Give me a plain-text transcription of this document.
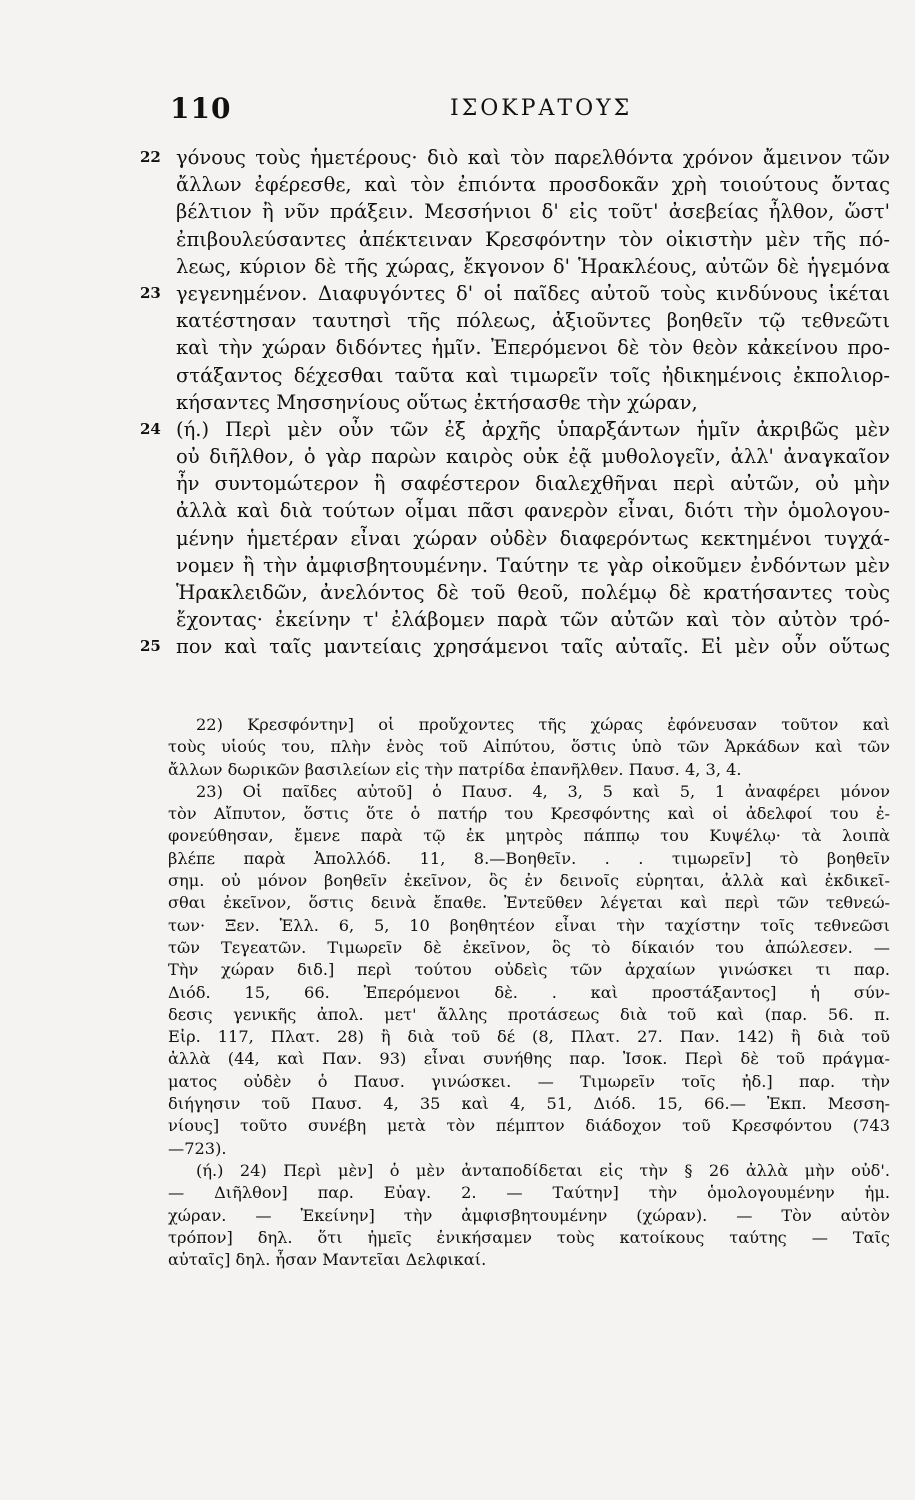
110	ΙΣΟΚΡΑΤΟΥΣ
22 γόνους τοὺς ἡμετέρους· διὸ καὶ τὸν παρελθόντα χρόνον ἄμεινον τῶν
ἄλλων ἐφέρεσθε, καὶ τὸν ἐπιόντα προσδοκᾶν χρὴ τοιούτους ὄντας
βέλτιον ἢ νῦν πράξειν. Μεσσήνιοι δ' εἰς τοῦτ' ἀσεβείας ἦλθον, ὥστ'
ἐπιβουλεύσαντες ἀπέκτειναν Κρεσφόντην τὸν οἰκιστὴν μὲν τῆς πό-
λεως, κύριον δὲ τῆς χώρας, ἔκγονον δ' Ἡρακλέους, αὐτῶν δὲ ἡγεμόνα
23 γεγενημένον. Διαφυγόντες δ' οἱ παῖδες αὐτοῦ τοὺς κινδύνους ἱκέται
κατέστησαν ταυτησὶ τῆς πόλεως, ἀξιοῦντες βοηθεῖν τῷ τεθνεῶτι
καὶ τὴν χώραν διδόντες ἡμῖν. Ἐπερόμενοι δὲ τὸν θεὸν κἀκείνου προ-
στάξαντος δέχεσθαι ταῦτα καὶ τιμωρεῖν τοῖς ἠδικημένοις ἐκπολιορ-
κήσαντες Μησσηνίους οὕτως ἐκτήσασθε τὴν χώραν,
24 (ή.) Περὶ μὲν οὖν τῶν ἐξ ἀρχῆς ὑπαρξάντων ἡμῖν ἀκριβῶς μὲν
οὐ διῆλθον, ὁ γὰρ παρὼν καιρὸς οὐκ ἐᾷ μυθολογεῖν, ἀλλ' ἀναγκαῖον
ἦν συντομώτερον ἢ σαφέστερον διαλεχθῆναι περὶ αὐτῶν, οὐ μὴν
ἀλλὰ καὶ διὰ τούτων οἶμαι πᾶσι φανερὸν εἶναι, διότι τὴν ὁμολογου-
μένην ἡμετέραν εἶναι χώραν οὐδὲν διαφερόντως κεκτημένοι τυγχά-
νομεν ἢ τὴν ἀμφισβητουμένην. Ταύτην τε γὰρ οἰκοῦμεν ἐνδόντων μὲν
Ἡρακλειδῶν, ἀνελόντος δὲ τοῦ θεοῦ, πολέμῳ δὲ κρατήσαντες τοὺς
ἔχοντας· ἐκείνην τ' ἐλάβομεν παρὰ τῶν αὐτῶν καὶ τὸν αὐτὸν τρό-
25 πον καὶ ταῖς μαντείαις χρησάμενοι ταῖς αὐταῖς. Εἰ μὲν οὖν οὕτως
22) Κρεσφόντην] οἱ προὔχοντες τῆς χώρας ἐφόνευσαν τοῦτον καὶ
τοὺς υἱούς του, πλὴν ἑνὸς τοῦ Αἰπύτου, ὅστις ὑπὸ τῶν Ἀρκάδων καὶ τῶν
ἄλλων δωρικῶν βασιλείων εἰς τὴν πατρίδα ἐπανῆλθεν. Παυσ. 4, 3, 4.
23) Οἱ παῖδες αὐτοῦ] ὁ Παυσ. 4, 3, 5 καὶ 5, 1 ἀναφέρει μόνον
τὸν Αἴπυτον, ὅστις ὅτε ὁ πατήρ του Κρεσφόντης καὶ οἱ ἀδελφοί του ἐ-
φονεύθησαν, ἔμενε παρὰ τῷ ἐκ μητρὸς πάππῳ του Κυψέλῳ· τὰ λοιπὰ
βλέπε παρὰ Ἀπολλόδ. 11, 8.—Βοηθεῖν. . . τιμωρεῖν] τὸ βοηθεῖν
σημ. οὐ μόνον βοηθεῖν ἐκεῖνον, ὃς ἐν δεινοῖς εὑρηται, ἀλλὰ καὶ ἐκδικεῖ-
σθαι ἐκεῖνον, ὅστις δεινὰ ἔπαθε. Ἐντεῦθεν λέγεται καὶ περὶ τῶν τεθνεώ-
των· Ξεν. Ἑλλ. 6, 5, 10 βοηθητέον εἶναι τὴν ταχίστην τοῖς τεθνεῶσι
τῶν Τεγεατῶν. Τιμωρεῖν δὲ ἐκεῖνον, ὃς τὸ δίκαιόν του ἀπώλεσεν. —
Τὴν χώραν διδ.] περὶ τούτου οὐδεὶς τῶν ἀρχαίων γινώσκει τι παρ.
Διόδ. 15, 66. Ἐπερόμενοι δὲ. . καὶ προστάξαντος] ἡ σύν-
δεσις γενικῆς ἀπολ. μετ' ἄλλης προτάσεως διὰ τοῦ καὶ (παρ. 56. π.
Εἰρ. 117, Πλατ. 28) ἢ διὰ τοῦ δέ (8, Πλατ. 27. Παν. 142) ἢ διὰ τοῦ
ἀλλὰ (44, καὶ Παν. 93) εἶναι συνήθης παρ. Ἰσοκ. Περὶ δὲ τοῦ πράγμα-
ματος οὐδὲν ὁ Παυσ. γινώσκει. — Τιμωρεῖν τοῖς ἠδ.] παρ. τὴν
διήγησιν τοῦ Παυσ. 4, 35 καὶ 4, 51, Διόδ. 15, 66.— Ἐκπ. Μεσση-
νίους] τοῦτο συνέβη μετὰ τὸν πέμπτον διάδοχον τοῦ Κρεσφόντου (743
—723).
(ή.) 24) Περὶ μὲν] ὁ μὲν ἀνταποδίδεται εἰς τὴν § 26 ἀλλὰ μὴν οὐδ'.
— Διῆλθον] παρ. Εὐαγ. 2. — Ταύτην] τὴν ὁμολογουμένην ἡμ.
χώραν. — Ἐκείνην] τὴν ἀμφισβητουμένην (χώραν). — Τὸν αὐτὸν
τρόπον] δηλ. ὅτι ἡμεῖς ἐνικήσαμεν τοὺς κατοίκους ταύτης — Ταῖς
αὐταῖς] δηλ. ἦσαν Μαντεῖαι Δελφικαί.
